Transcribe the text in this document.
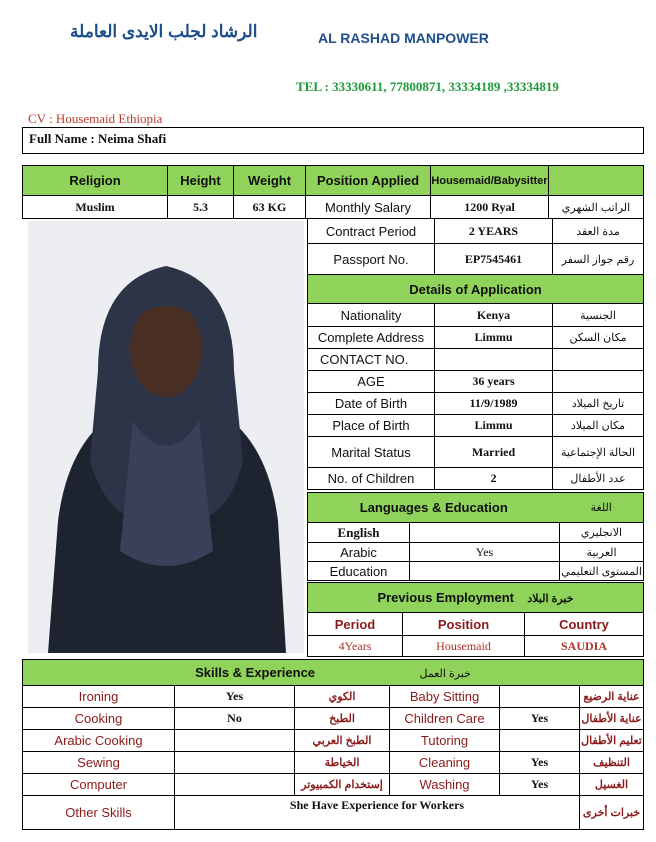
الرشاد لجلب الايدى العاملة	AL RASHAD MANPOWER
TEL : 33330611, 77800871, 33334189 ,33334819
CV : Housemaid Ethiopia
Full Name : Neima Shafi
Religion	Height	Weight	Position Applied	Housemaid/Babysitter	
Muslim	5.3	63 KG	Monthly Salary	1200 Ryal	الراتب الشهري
Contract Period	2 YEARS	مدة العقد
Passport No.	EP7545461	رقم جواز السفر
Details of Application		
Nationality	Kenya	الجنسية
Complete Address	Limmu	مكان السكن
CONTACT NO.		
AGE	36 years	
Date of Birth	11/9/1989	تاريخ الميلاد
Place of Birth	Limmu	مكان الميلاد
Marital Status	Married	الحالة الإجتماعية
No. of Children	2	عدد الأطفال
Languages & Education		اللغة
English		الانجليزي
Arabic	Yes	العربية
Education		المستوى التعليمي
Previous Employment خبرة البلاد		
Period	Position	Country
4Years	Housemaid	SAUDIA
Skills & Experience خبرة العمل					
Ironing	Yes	الكوي	Baby Sitting		عناية الرضيع
Cooking	No	الطبخ	Children Care	Yes	عناية الأطفال
Arabic Cooking		الطبخ العربي	Tutoring		تعليم الأطفال
Sewing		الخياطة	Cleaning	Yes	التنظيف
Computer		إستخدام الكمبيوتر	Washing	Yes	الغسيل
Other Skills	She Have Experience for Workers				خبرات أخرى
